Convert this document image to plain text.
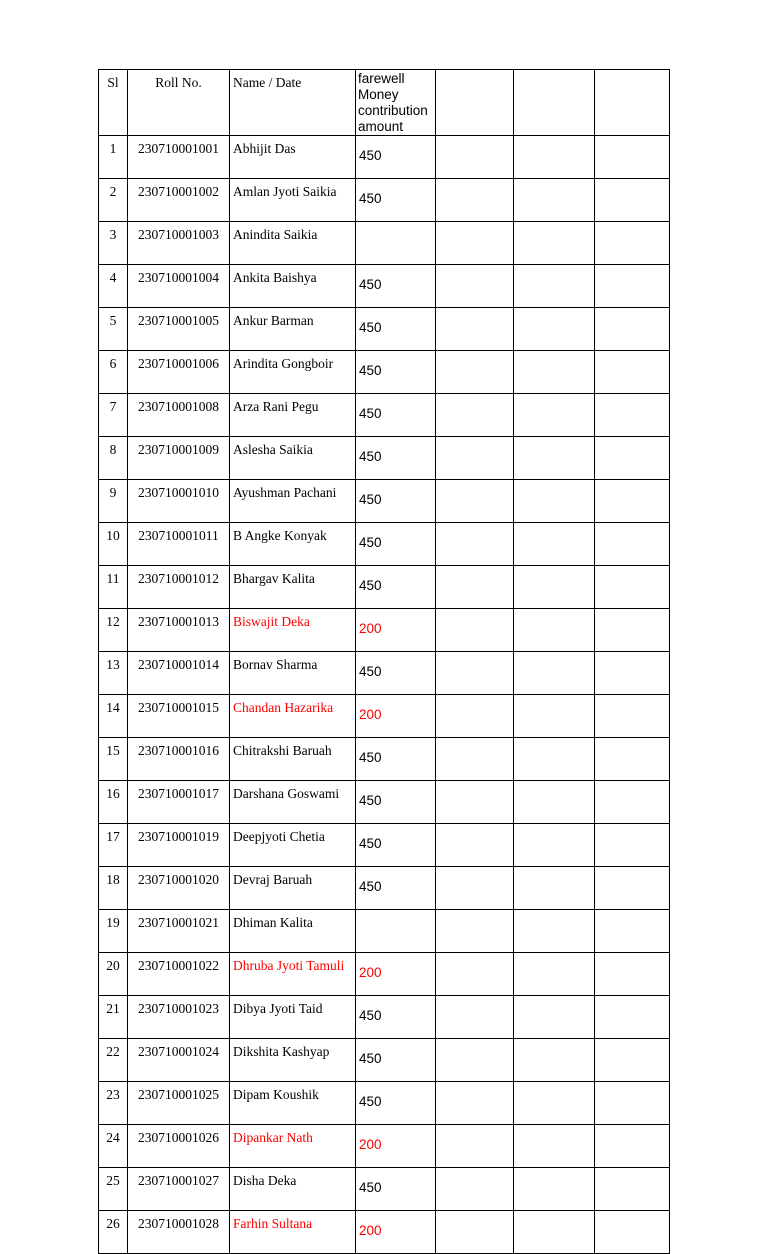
Sl	Roll No.	Name / Date	farewell Money contribution amount			
1	230710001001	Abhijit Das	450			
2	230710001002	Amlan Jyoti Saikia	450			
3	230710001003	Anindita Saikia				
4	230710001004	Ankita Baishya	450			
5	230710001005	Ankur Barman	450			
6	230710001006	Arindita Gongboir	450			
7	230710001008	Arza Rani Pegu	450			
8	230710001009	Aslesha Saikia	450			
9	230710001010	Ayushman Pachani	450			
10	230710001011	B Angke Konyak	450			
11	230710001012	Bhargav Kalita	450			
12	230710001013	Biswajit Deka	200			
13	230710001014	Bornav Sharma	450			
14	230710001015	Chandan Hazarika	200			
15	230710001016	Chitrakshi Baruah	450			
16	230710001017	Darshana Goswami	450			
17	230710001019	Deepjyoti Chetia	450			
18	230710001020	Devraj Baruah	450			
19	230710001021	Dhiman Kalita				
20	230710001022	Dhruba Jyoti Tamuli	200			
21	230710001023	Dibya Jyoti Taid	450			
22	230710001024	Dikshita Kashyap	450			
23	230710001025	Dipam Koushik	450			
24	230710001026	Dipankar Nath	200			
25	230710001027	Disha Deka	450			
26	230710001028	Farhin Sultana	200			
